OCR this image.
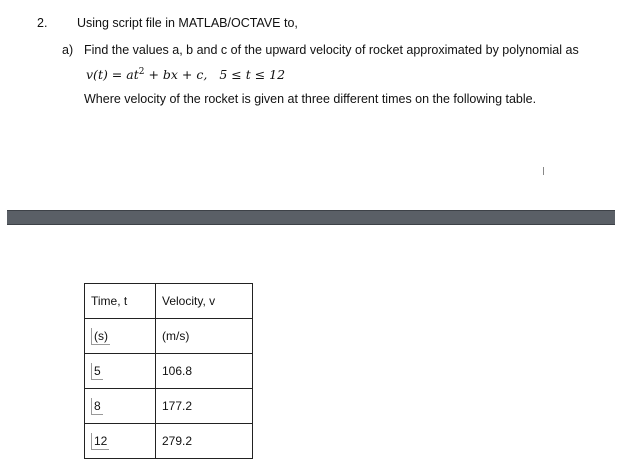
2. Using script file in MATLAB/OCTAVE to,
a) Find the values a, b and c of the upward velocity of rocket approximated by polynomial as
$v(t) = at^2$ + bx + c, 5 ≤ t ≤ 12
Where velocity of the rocket is given at three different times on the following table.
Time, t	Velocity, v
(s)	(m/s)
5	106.8
8	177.2
12	279.2
